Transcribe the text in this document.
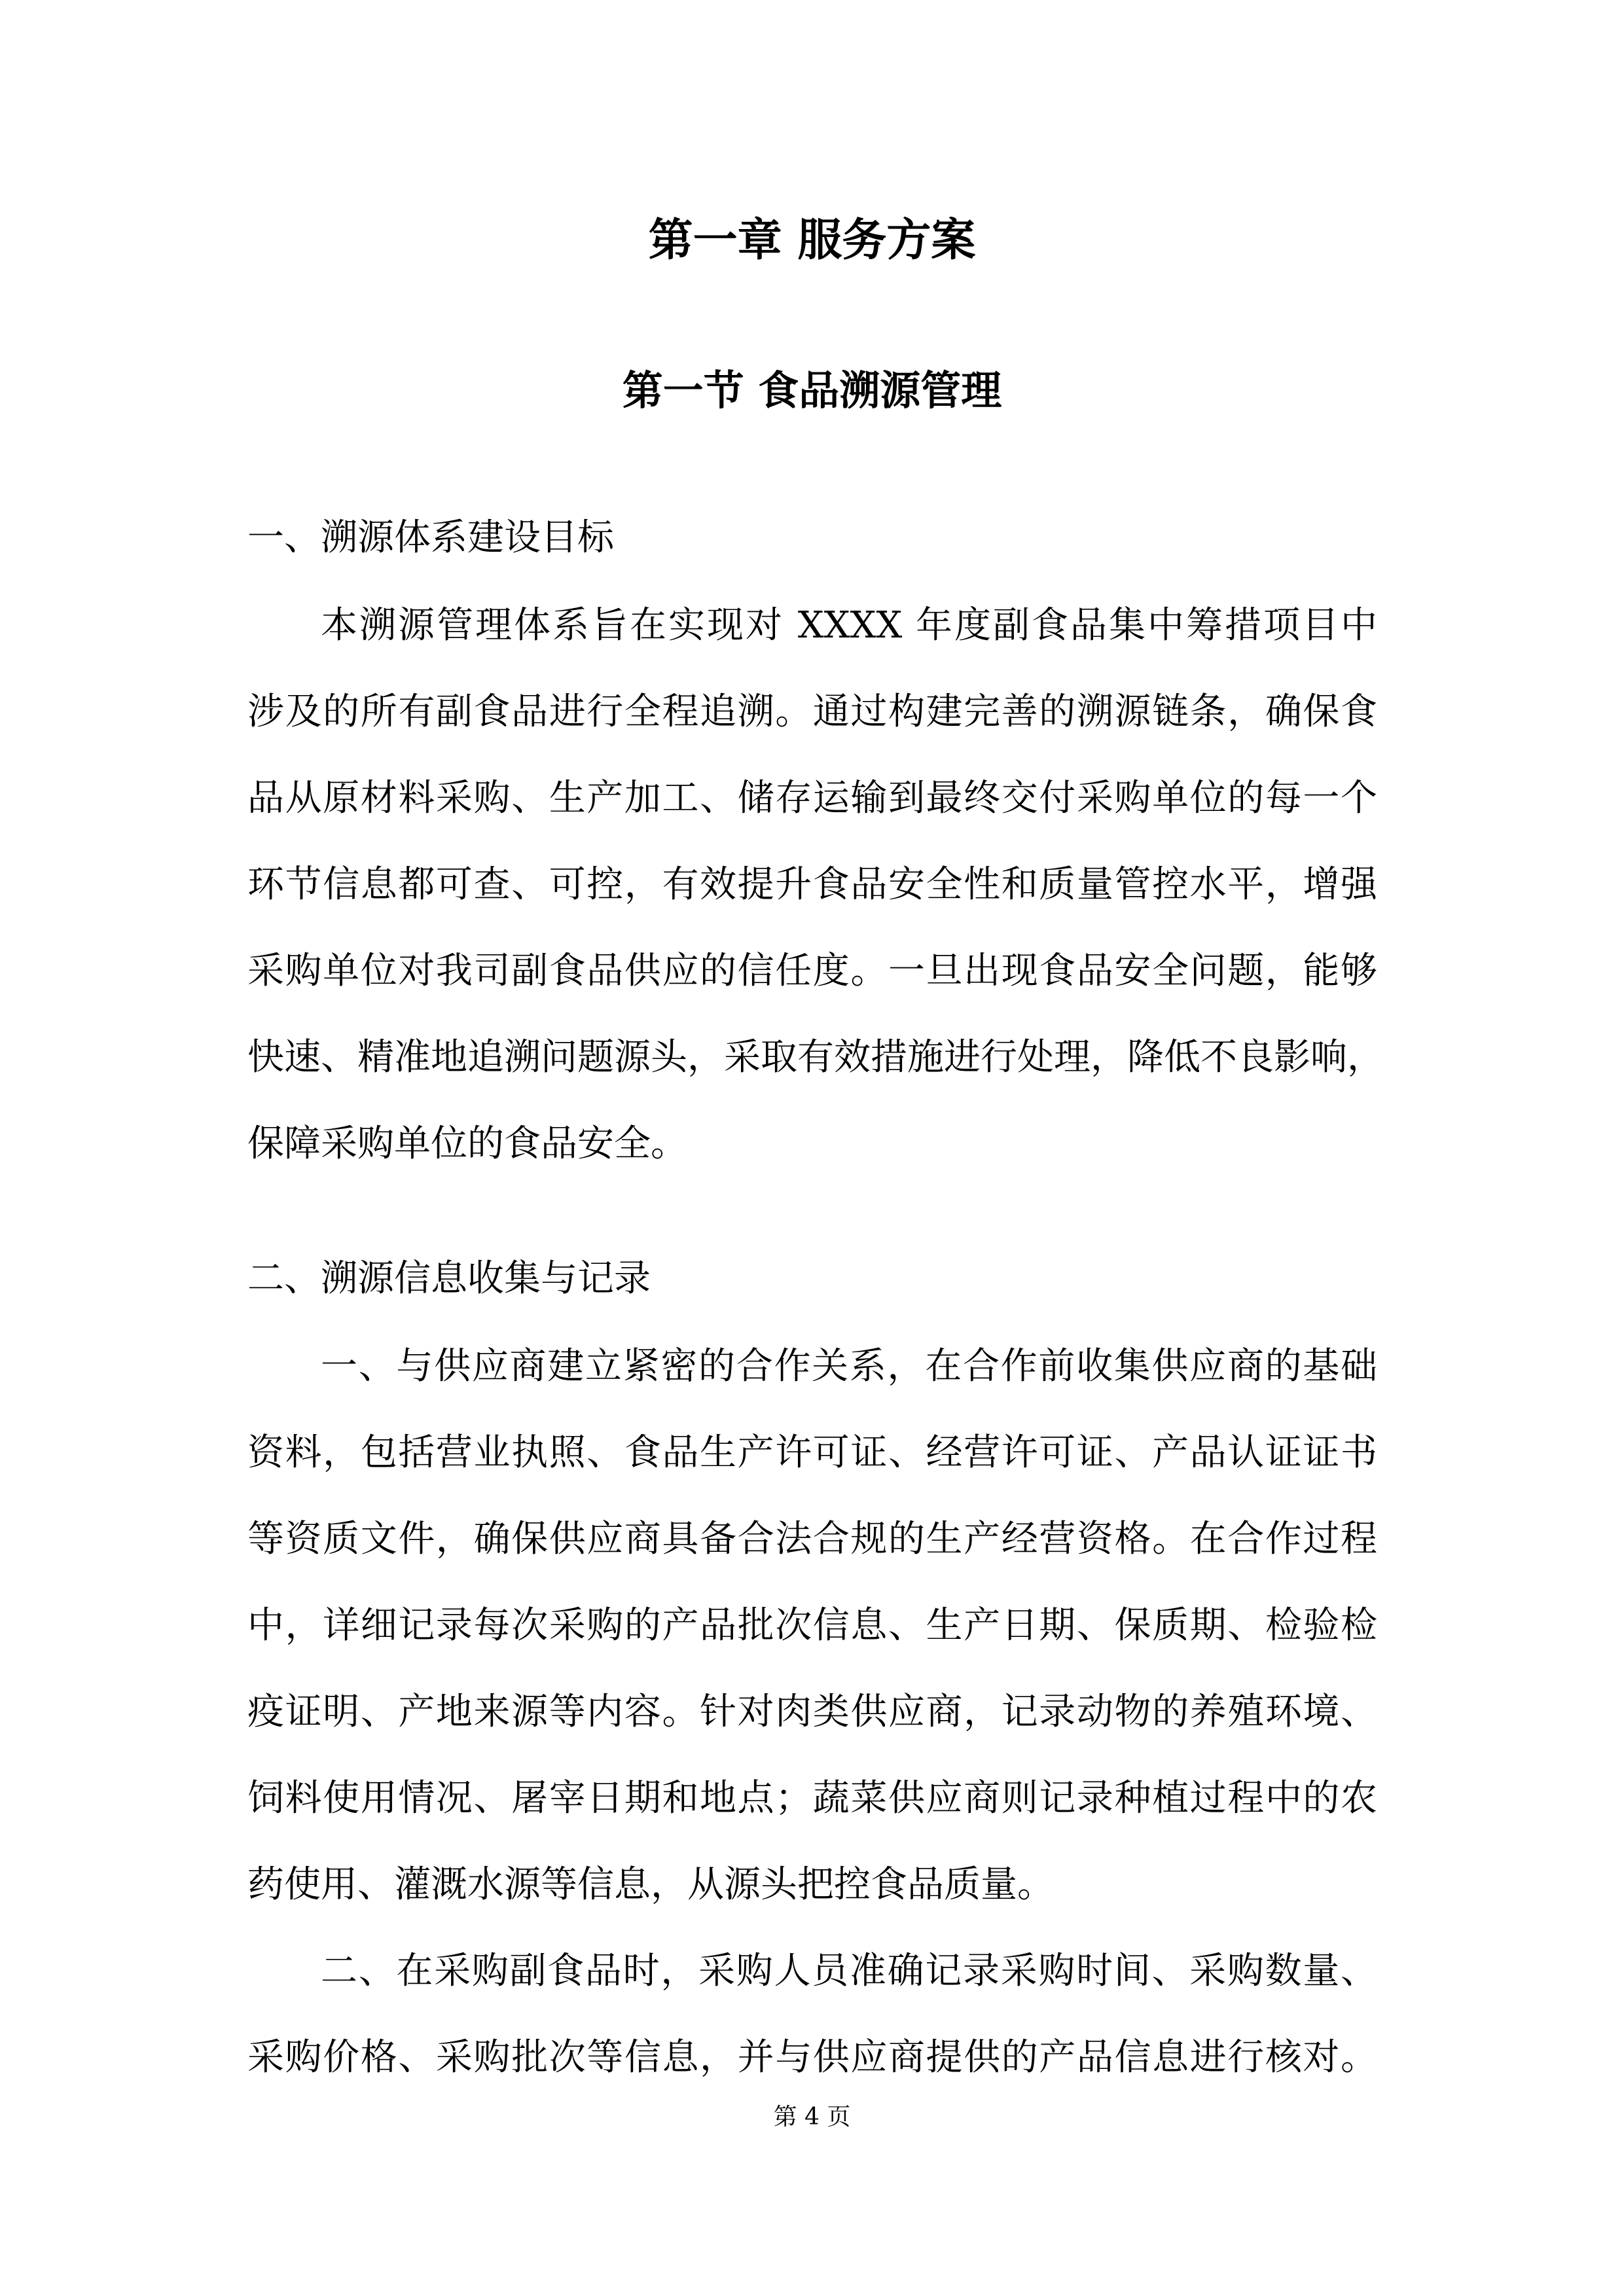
第一章 服务方案
第一节 食品溯源管理
一、溯源体系建设目标
本溯源管理体系旨在实现对 XXXX 年度副食品集中筹措项目中
涉及的所有副食品进行全程追溯。通过构建完善的溯源链条，确保食
品从原材料采购、生产加工、储存运输到最终交付采购单位的每一个
环节信息都可查、可控，有效提升食品安全性和质量管控水平，增强
采购单位对我司副食品供应的信任度。一旦出现食品安全问题，能够
快速、精准地追溯问题源头，采取有效措施进行处理，降低不良影响，
保障采购单位的食品安全。
二、溯源信息收集与记录
一、与供应商建立紧密的合作关系，在合作前收集供应商的基础
资料，包括营业执照、食品生产许可证、经营许可证、产品认证证书
等资质文件，确保供应商具备合法合规的生产经营资格。在合作过程
中，详细记录每次采购的产品批次信息、生产日期、保质期、检验检
疫证明、产地来源等内容。针对肉类供应商，记录动物的养殖环境、
饲料使用情况、屠宰日期和地点；蔬菜供应商则记录种植过程中的农
药使用、灌溉水源等信息，从源头把控食品质量。
二、在采购副食品时，采购人员准确记录采购时间、采购数量、
采购价格、采购批次等信息，并与供应商提供的产品信息进行核对。
第 4 页
